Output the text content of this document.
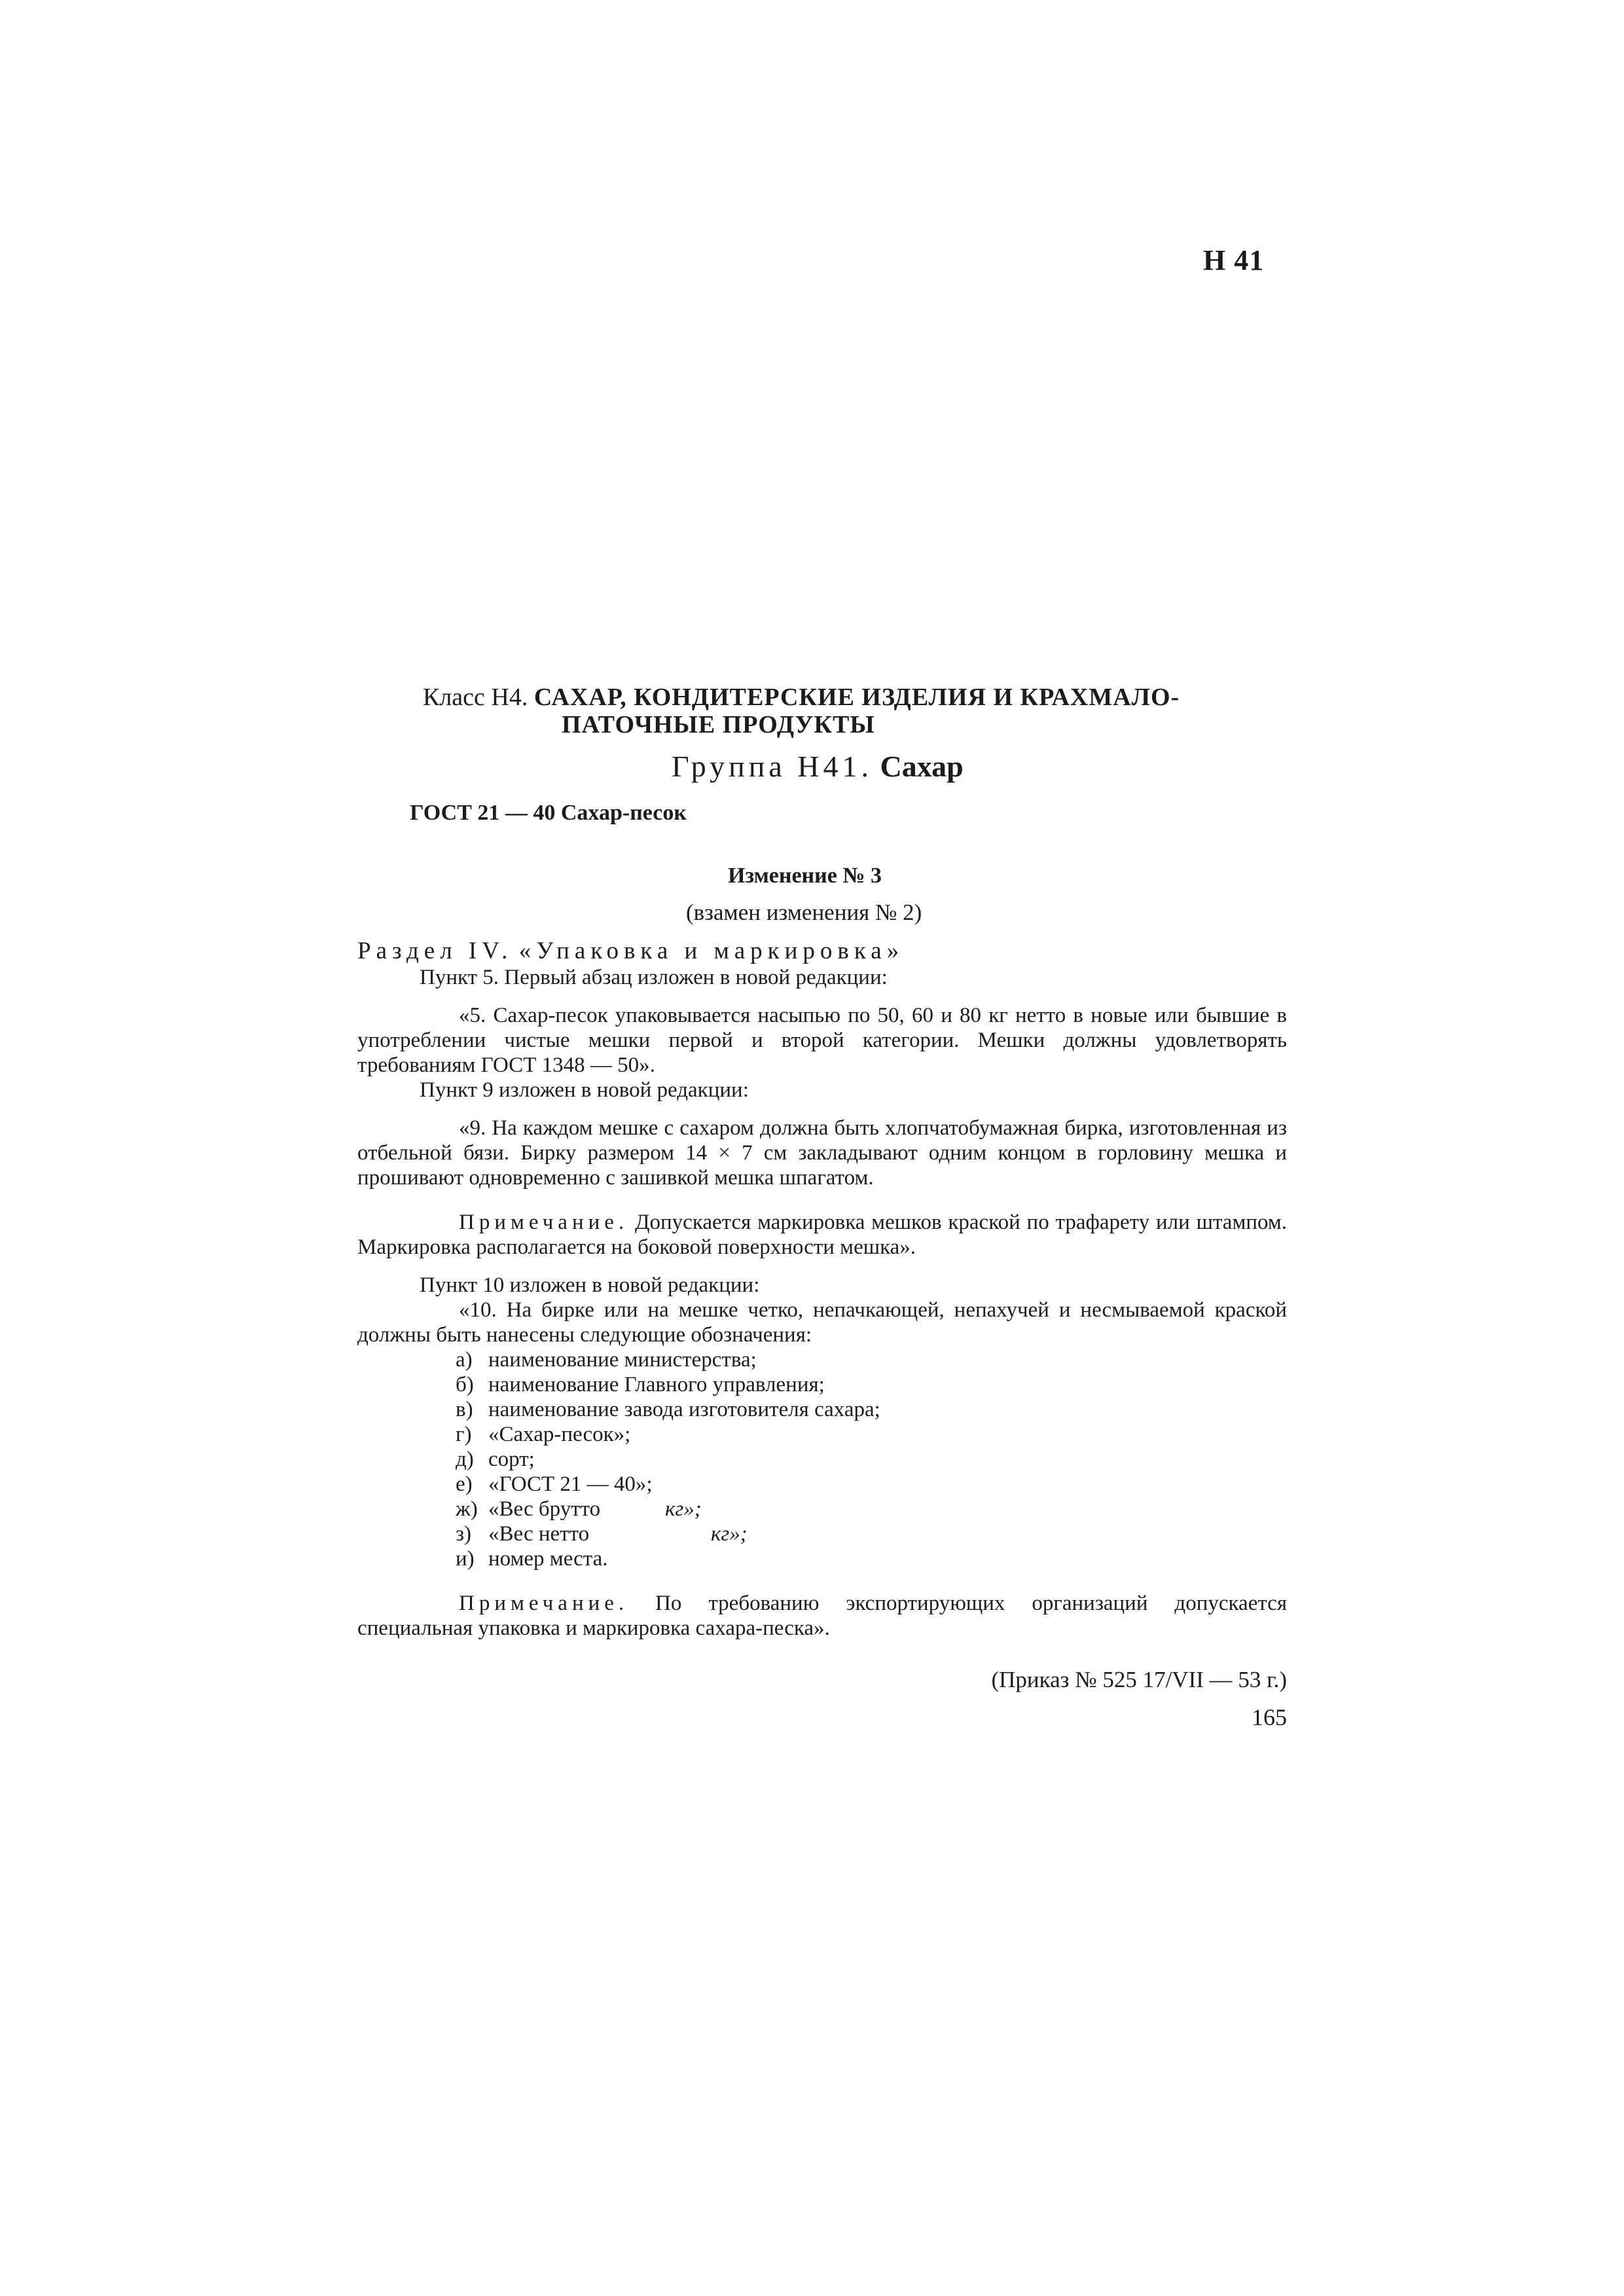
Н 41
Класс Н4. САХАР, КОНДИТЕРСКИЕ ИЗДЕЛИЯ И КРАХМАЛО-
ПАТОЧНЫЕ ПРОДУКТЫ
Группа Н41. Сахар
ГОСТ 21 — 40 Сахар-песок
Изменение № 3
(взамен изменения № 2)
Раздел IV. «Упаковка и маркировка»
Пункт 5. Первый абзац изложен в новой редакции:
«5. Сахар-песок упаковывается насыпью по 50, 60 и 80 кг нетто в новые или бывшие в употреблении чистые мешки первой и второй категории. Мешки должны удовлетворять требованиям ГОСТ 1348 — 50».
Пункт 9 изложен в новой редакции:
«9. На каждом мешке с сахаром должна быть хлопчатобумажная бирка, изготовленная из отбельной бязи. Бирку размером 14 × 7 см закладывают одним концом в горловину мешка и прошивают одновременно с зашивкой мешка шпагатом.
Примечание. Допускается маркировка мешков краской по трафарету или штампом. Маркировка располагается на боковой поверхности мешка».
Пункт 10 изложен в новой редакции:
«10. На бирке или на мешке четко, непачкающей, непахучей и несмываемой краской должны быть нанесены следующие обозначения:
а) наименование министерства;
б) наименование Главного управления;
в) наименование завода изготовителя сахара;
г) «Сахар-песок»;
д) сорт;
е) «ГОСТ 21 — 40»;
ж) «Вес брутто	кг»;
з) «Вес нетто	кг»;
и) номер места.
Примечание. По требованию экспортирующих организаций допускается специальная упаковка и маркировка сахара-песка».
(Приказ № 525 17/VII — 53 г.)
165
